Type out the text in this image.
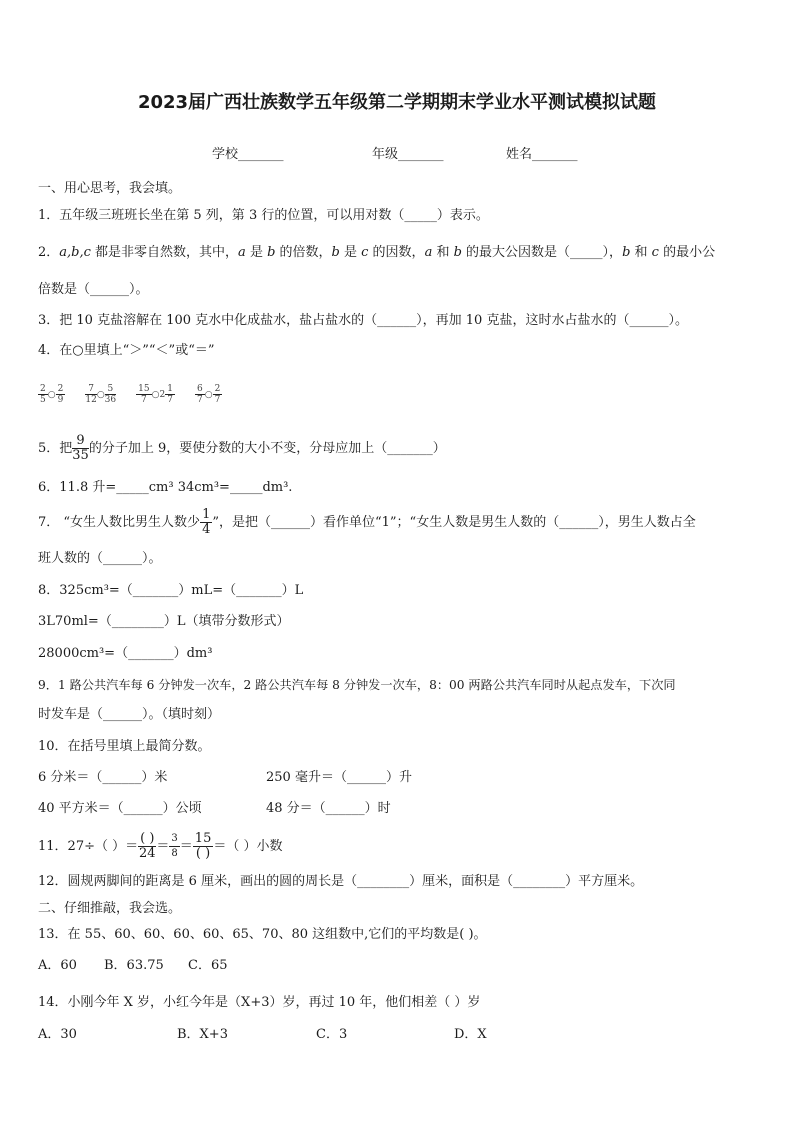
2023届广西壮族数学五年级第二学期期末学业水平测试模拟试题
学校_______	年级_______	姓名_______
一、用心思考，我会填。
1．五年级三班班长坐在第 5 列，第 3 行的位置，可以用对数（_____）表示。
2．a,b,c 都是非零自然数，其中，a 是 b 的倍数，b 是 c 的因数，a 和 b 的最大公因数是（_____），b 和 c 的最小公
倍数是（______）。
3．把 10 克盐溶解在 100 克水中化成盐水，盐占盐水的（______），再加 10 克盐，这时水占盐水的（______）。
4．在○里填上“＞”“＜”或“＝”
$\frac{2}{5}$ ○ $\frac{2}{9}$
$\frac{7}{12}$ ○ $\frac{5}{36}$
$\frac{15}{7}$ ○2 $\frac{1}{7}$
$\frac{6}{7}$ ○ $\frac{2}{7}$
5．把 $\frac{9}{35}$ 的分子加上 9，要使分数的大小不变，分母应加上（_______）
6．11.8 升=_____cm³ 34cm³=_____dm³.
7． “女生人数比男生人数少 $\frac{1}{4}$ ”，是把（______）看作单位“1”；“女生人数是男生人数的（______），男生人数占全
班人数的（______）。
8．325cm³=（_______）mL=（_______）L
3L70ml=（________）L（填带分数形式）
28000cm³=（_______）dm³
9．1 路公共汽车每 6 分钟发一次车，2 路公共汽车每 8 分钟发一次车，8：00 两路公共汽车同时从起点发车，下次同
时发车是（______）。（填时刻）
10．在括号里填上最简分数。
6 分米＝（______）米	250 毫升＝（______）升
40 平方米＝（______）公顷	48 分＝（______）时
11．27÷（ ）＝ $\frac{( )}{24} = \frac{3}{8} = \frac{15}{( )}$ ＝（ ）小数
12．圆规两脚间的距离是 6 厘米，画出的圆的周长是（________）厘米，面积是（________）平方厘米。
二、仔细推敲，我会选。
13．在 55、60、60、60、60、65、70、80 这组数中,它们的平均数是( )。
A．60 B．63.75 C．65
14．小刚今年 X 岁，小红今年是（X+3）岁，再过 10 年，他们相差（ ）岁
A．30	B．X+3	C．3	D．X
